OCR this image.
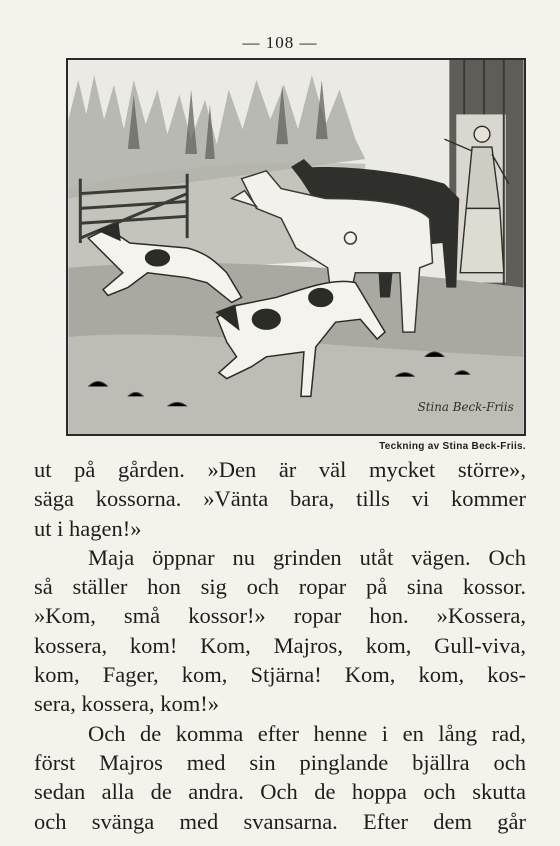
— 108 —
Stina Beck-Friis
Teckning av Stina Beck-Friis.
ut på gården. »Den är väl mycket större»,
säga kossorna. »Vänta bara, tills vi kommer
ut i hagen!»
Maja öppnar nu grinden utåt vägen. Och
så ställer hon sig och ropar på sina kossor.
»Kom, små kossor!» ropar hon. »Kossera,
kossera, kom! Kom, Majros, kom, Gull-viva,
kom, Fager, kom, Stjärna! Kom, kom, kos-
sera, kossera, kom!»
Och de komma efter henne i en lång rad,
först Majros med sin pinglande bjällra och
sedan alla de andra. Och de hoppa och skutta
och svänga med svansarna. Efter dem går
